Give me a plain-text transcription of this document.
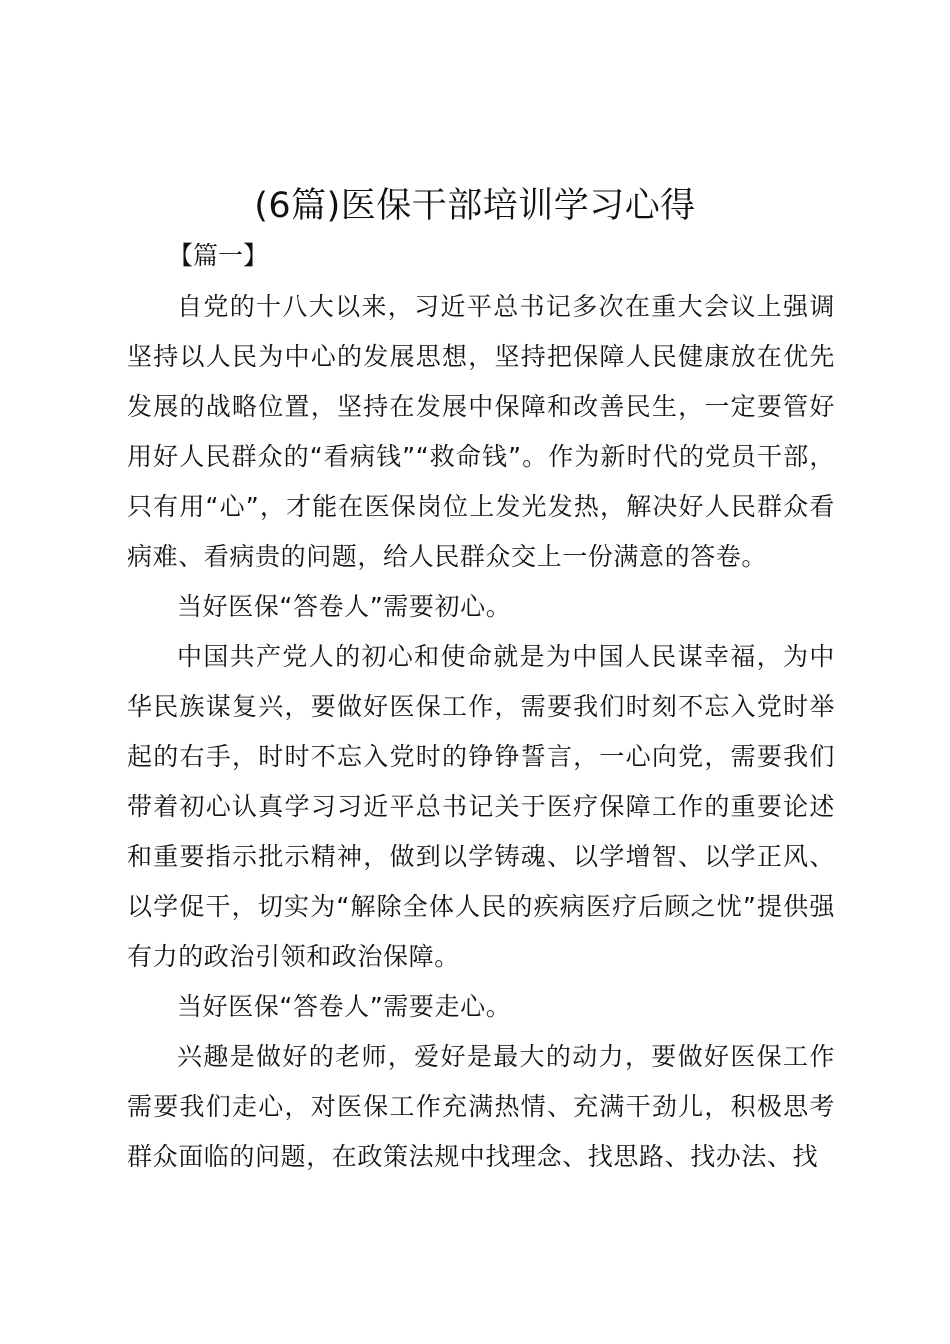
(6篇)医保干部培训学习心得
【篇一】

自党的十八大以来，习近平总书记多次在重大会议上强调坚持以人民为中心的发展思想，坚持把保障人民健康放在优先发展的战略位置，坚持在发展中保障和改善民生，一定要管好用好人民群众的“看病钱”“救命钱”。作为新时代的党员干部，只有用“心”，才能在医保岗位上发光发热，解决好人民群众看病难、看病贵的问题，给人民群众交上一份满意的答卷。

当好医保“答卷人”需要初心。

中国共产党人的初心和使命就是为中国人民谋幸福，为中华民族谋复兴，要做好医保工作，需要我们时刻不忘入党时举起的右手，时时不忘入党时的铮铮誓言，一心向党，需要我们带着初心认真学习习近平总书记关于医疗保障工作的重要论述和重要指示批示精神，做到以学铸魂、以学增智、以学正风、以学促干，切实为“解除全体人民的疾病医疗后顾之忧”提供强有力的政治引领和政治保障。

当好医保“答卷人”需要走心。

兴趣是做好的老师，爱好是最大的动力，要做好医保工作需要我们走心，对医保工作充满热情、充满干劲儿，积极思考群众面临的问题，在政策法规中找理念、找思路、找办法、找
